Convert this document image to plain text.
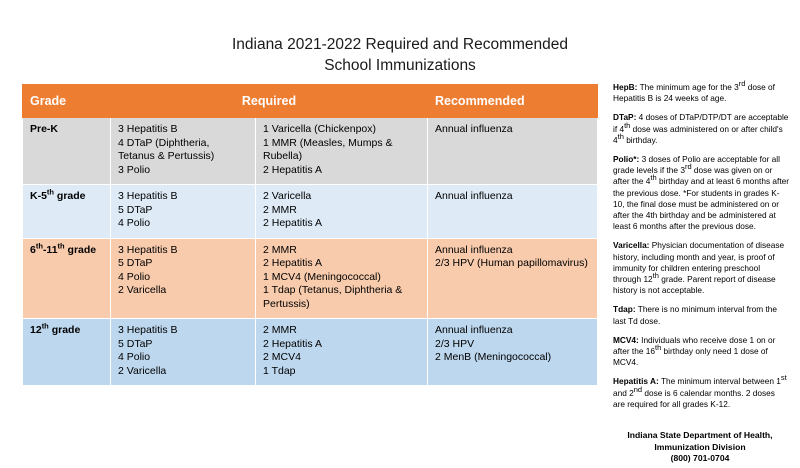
Indiana 2021-2022 Required and Recommended
School Immunizations
Grade	Required		Recommended
Pre-K	3 Hepatitis B
4 DTaP (Diphtheria, Tetanus & Pertussis)
3 Polio	1 Varicella (Chickenpox)
1 MMR (Measles, Mumps & Rubella)
2 Hepatitis A	Annual influenza

K-5th grade	3 Hepatitis B
5 DTaP
4 Polio	2 Varicella
2 MMR
2 Hepatitis A	Annual influenza

6th-11th grade	3 Hepatitis B
5 DTaP
4 Polio
2 Varicella	2 MMR
2 Hepatitis A
1 MCV4 (Meningococcal)
1 Tdap (Tetanus, Diphtheria & Pertussis)	Annual influenza
2/3 HPV (Human papillomavirus)

12th grade	3 Hepatitis B
5 DTaP
4 Polio
2 Varicella	2 MMR
2 Hepatitis A
2 MCV4
1 Tdap	Annual influenza
2/3 HPV
2 MenB (Meningococcal)
HepB: The minimum age for the 3rd dose of Hepatitis B is 24 weeks of age.
DTaP: 4 doses of DTaP/DTP/DT are acceptable if 4th dose was administered on or after child's 4th birthday.
Polio*: 3 doses of Polio are acceptable for all grade levels if the 3rd dose was given on or after the 4th birthday and at least 6 months after the previous dose. *For students in grades K-10, the final dose must be administered on or after the 4th birthday and be administered at least 6 months after the previous dose.
Varicella: Physician documentation of disease history, including month and year, is proof of immunity for children entering preschool through 12th grade. Parent report of disease history is not acceptable.
Tdap: There is no minimum interval from the last Td dose.
MCV4: Individuals who receive dose 1 on or after the 16th birthday only need 1 dose of MCV4.
Hepatitis A: The minimum interval between 1st and 2nd dose is 6 calendar months. 2 doses are required for all grades K-12.
Indiana State Department of Health,
Immunization Division
(800) 701-0704
